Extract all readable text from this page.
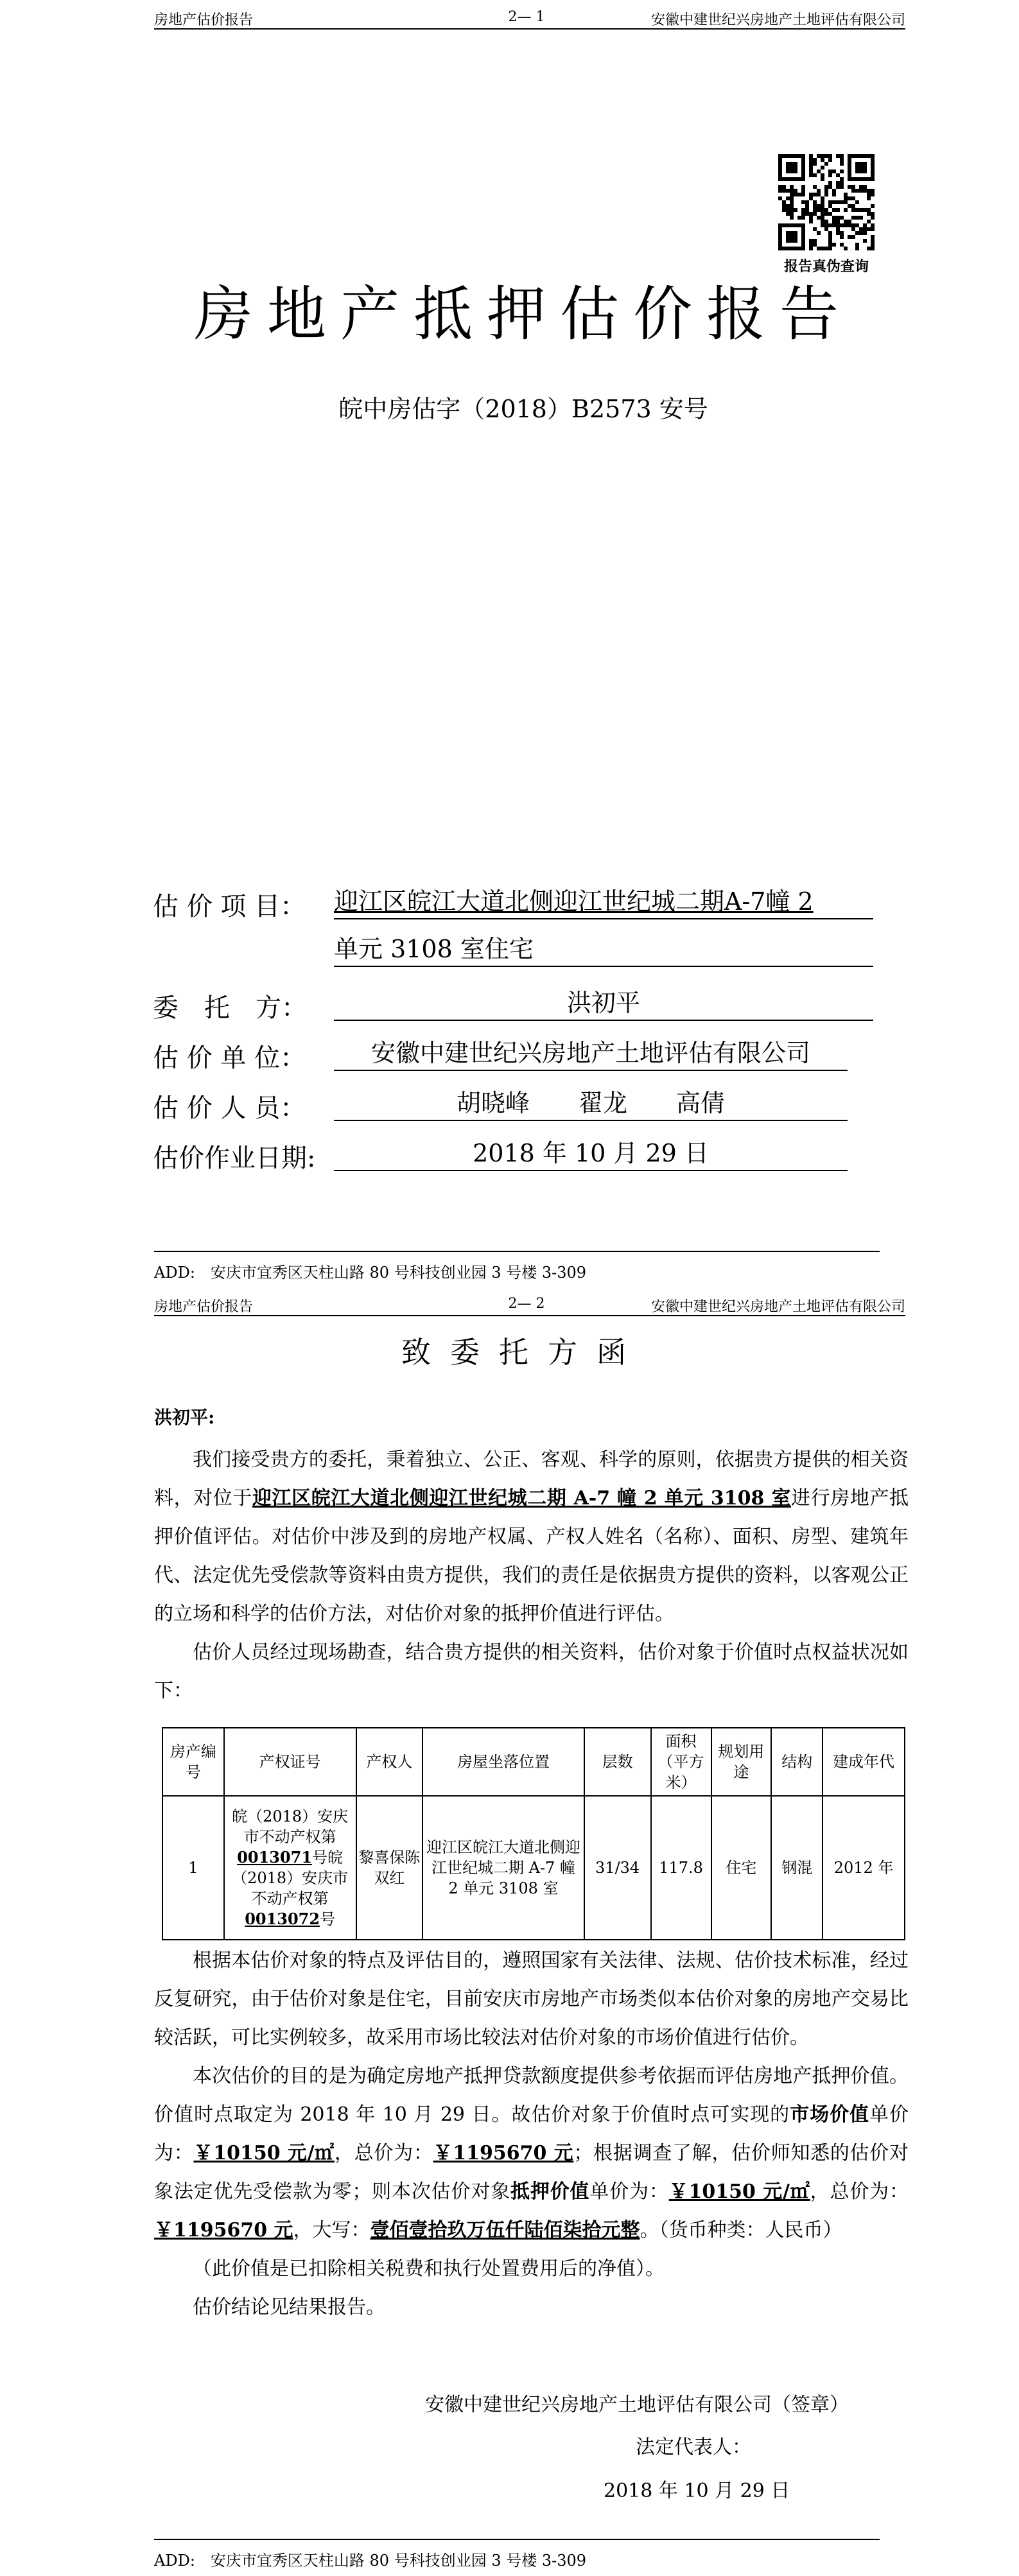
房地产估价报告	2— 1	安徽中建世纪兴房地产土地评估有限公司
报告真伪查询
房地产抵押估价报告
皖中房估字（2018）B2573 安号
估 价 项 目： 迎江区皖江大道北侧迎江世纪城二期A-7幢 2
单元 3108 室住宅
委　托　方：	洪初平
估 价 单 位：	安徽中建世纪兴房地产土地评估有限公司
估 价 人 员：	胡晓峰　　翟龙　　高倩
估价作业日期:	2018 年 10 月 29 日
ADD:　安庆市宜秀区天柱山路 80 号科技创业园 3 号楼 3-309
房地产估价报告	2— 2	安徽中建世纪兴房地产土地评估有限公司
致委托方函
洪初平:

我们接受贵方的委托，秉着独立、公正、客观、科学的原则，依据贵方提供的相关资料，对位于迎江区皖江大道北侧迎江世纪城二期 A-7 幢 2 单元 3108 室进行房地产抵押价值评估。对估价中涉及到的房地产权属、产权人姓名（名称）、面积、房型、建筑年代、法定优先受偿款等资料由贵方提供，我们的责任是依据贵方提供的资料，以客观公正的立场和科学的估价方法，对估价对象的抵押价值进行评估。

估价人员经过现场勘查，结合贵方提供的相关资料，估价对象于价值时点权益状况如下：

房产编号	产权证号	产权人	房屋坐落位置	层数	面积（平方米）	规划用途	结构	建成年代
1	皖（2018）安庆市不动产权第0013071号皖（2018）安庆市不动产权第0013072号	黎喜保陈双红	迎江区皖江大道北侧迎江世纪城二期 A-7 幢 2 单元 3108 室	31/34	117.8	住宅	钢混	2012 年

根据本估价对象的特点及评估目的，遵照国家有关法律、法规、估价技术标准，经过反复研究，由于估价对象是住宅，目前安庆市房地产市场类似本估价对象的房地产交易比较活跃，可比实例较多，故采用市场比较法对估价对象的市场价值进行估价。

本次估价的目的是为确定房地产抵押贷款额度提供参考依据而评估房地产抵押价值。价值时点取定为 2018 年 10 月 29 日。故估价对象于价值时点可实现的市场价值单价为：￥10150 元/㎡，总价为：￥1195670 元；根据调查了解，估价师知悉的估价对象法定优先受偿款为零；则本次估价对象抵押价值单价为：￥10150 元/㎡，总价为：￥1195670 元，大写：壹佰壹拾玖万伍仟陆佰柒拾元整。（货币种类：人民币）

（此价值是已扣除相关税费和执行处置费用后的净值）。

估价结论见结果报告。

安徽中建世纪兴房地产土地评估有限公司（签章）
法定代表人：
2018 年 10 月 29 日
ADD:　安庆市宜秀区天柱山路 80 号科技创业园 3 号楼 3-309
